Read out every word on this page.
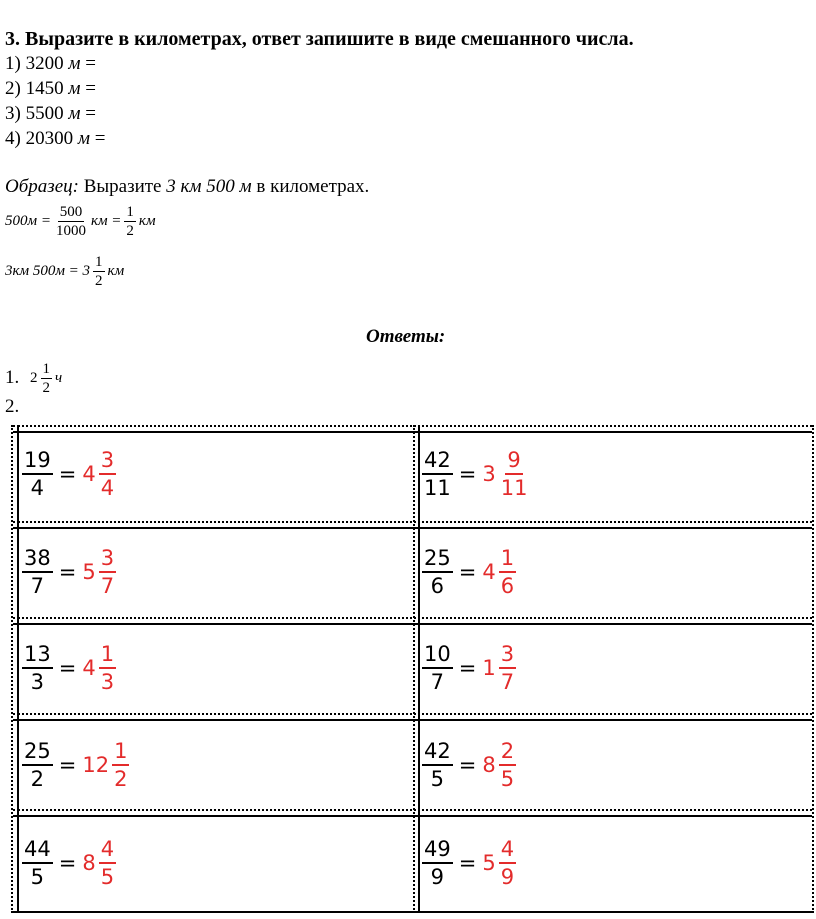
3. Выразите в километрах, ответ запишите в виде смешанного числа.
1) 3200 м =
2) 1450 м =
3) 5500 м =
4) 20300 м =
Образец: Выразите 3 км 500 м в километрах.
$500м = \frac{500}{1000}$ км = $\frac{1}{2}$ км
3км $500м = 3 \frac{1}{2}$ км
Ответы:
1. $2 \frac{1}{2}$ ч
2.
$\frac{19}{4} = 4 \frac{3}{4}$	$\frac{42}{11} = 3 \frac{9}{11}$
$\frac{38}{7} = 5 \frac{3}{7}$	$\frac{25}{6} = 4 \frac{1}{6}$
$\frac{13}{3} = 4 \frac{1}{3}$	$\frac{10}{7} = 1 \frac{3}{7}$
$\frac{25}{2} = 12 \frac{1}{2}$	$\frac{42}{5} = 8 \frac{2}{5}$
$\frac{44}{5} = 8 \frac{4}{5}$	$\frac{49}{9} = 5 \frac{4}{9}$
